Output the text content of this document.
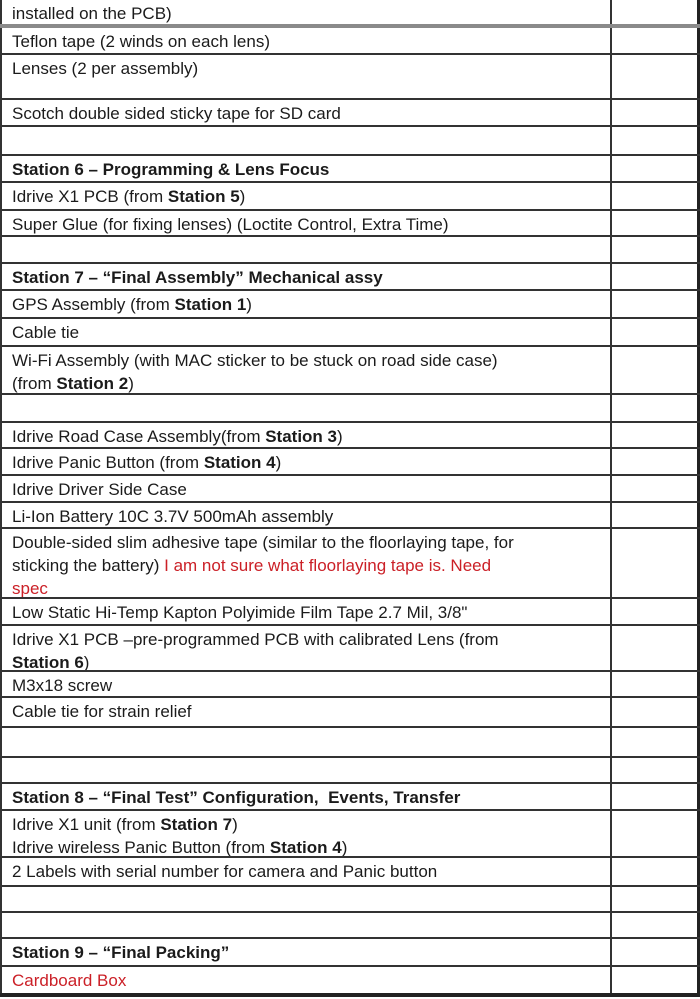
installed on the PCB)
Teflon tape (2 winds on each lens)
Lenses (2 per assembly)
Scotch double sided sticky tape for SD card
Station 6 – Programming & Lens Focus
Idrive X1 PCB (from Station 5)
Super Glue (for fixing lenses) (Loctite Control, Extra Time)
Station 7 – “Final Assembly” Mechanical assy
GPS Assembly (from Station 1)
Cable tie
Wi-Fi Assembly (with MAC sticker to be stuck on road side case)
(from Station 2)
Idrive Road Case Assembly(from Station 3)
Idrive Panic Button (from Station 4)
Idrive Driver Side Case
Li-Ion Battery 10C 3.7V 500mAh assembly
Double-sided slim adhesive tape (similar to the floorlaying tape, for
sticking the battery) I am not sure what floorlaying tape is. Need
spec
Low Static Hi-Temp Kapton Polyimide Film Tape 2.7 Mil, 3/8"
Idrive X1 PCB –pre-programmed PCB with calibrated Lens (from
Station 6)
M3x18 screw
Cable tie for strain relief
Station 8 – “Final Test” Configuration,  Events, Transfer
Idrive X1 unit (from Station 7)
Idrive wireless Panic Button (from Station 4)
2 Labels with serial number for camera and Panic button
Station 9 – “Final Packing”
Cardboard Box
